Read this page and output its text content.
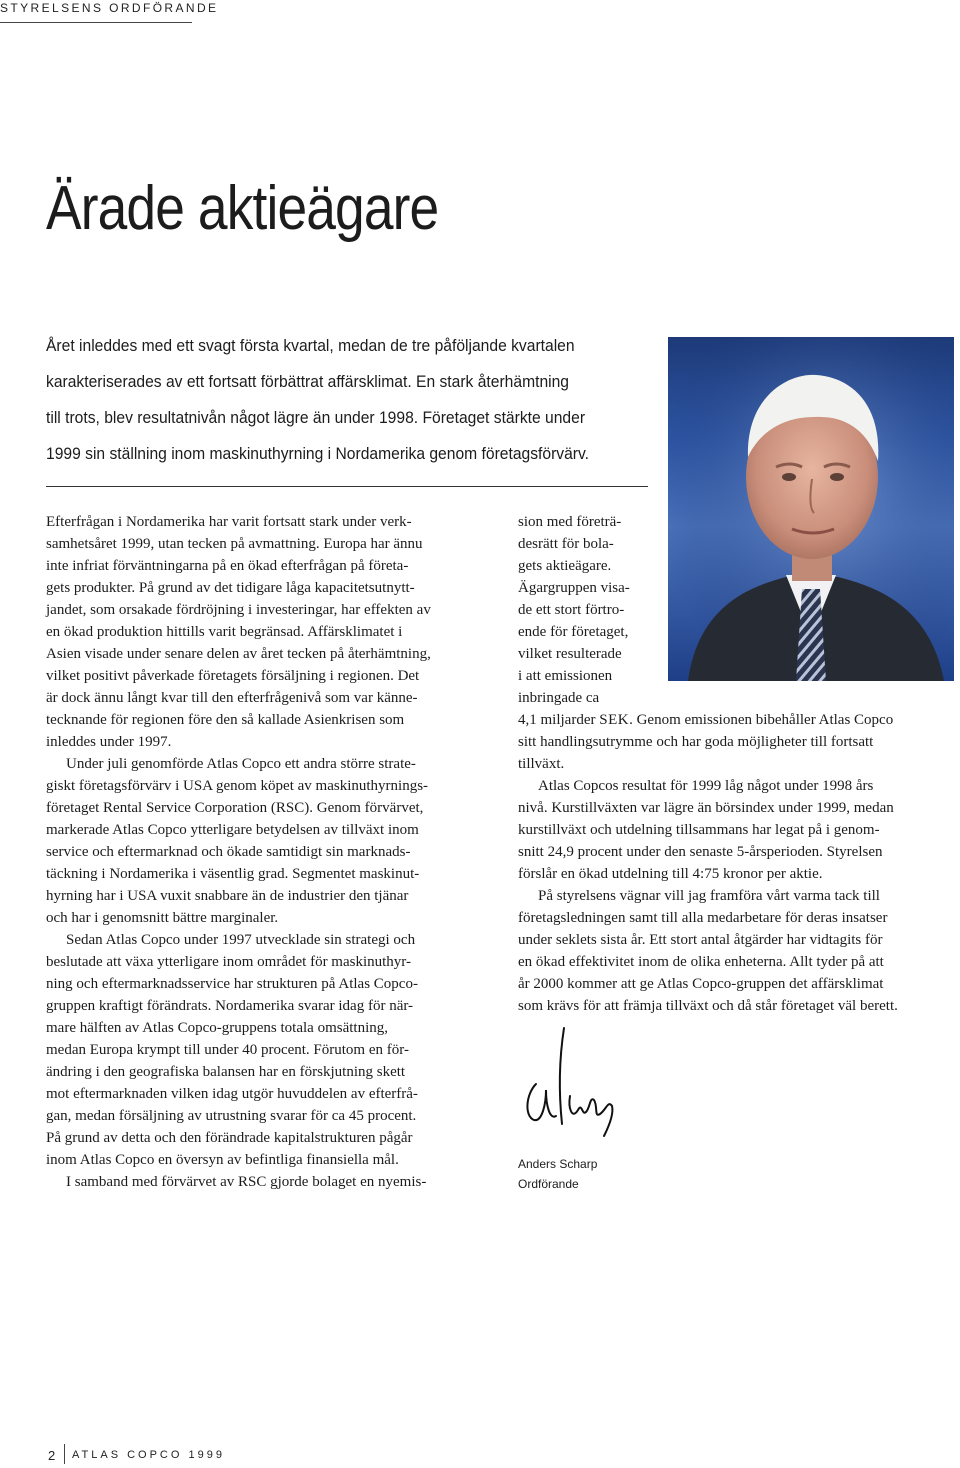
STYRELSENS ORDFÖRANDE
Ärade aktieägare
Året inleddes med ett svagt första kvartal, medan de tre påföljande kvartalen
karakteriserades av ett fortsatt förbättrat affärsklimat. En stark återhämtning
till trots, blev resultatnivån något lägre än under 1998. Företaget stärkte under
1999 sin ställning inom maskinuthyrning i Nordamerika genom företagsförvärv.

Efterfrågan i Nordamerika har varit fortsatt stark under verk-
samhetsåret 1999, utan tecken på avmattning. Europa har ännu
inte infriat förväntningarna på en ökad efterfrågan på företa-
gets produkter. På grund av det tidigare låga kapacitetsutnytt-
jandet, som orsakade fördröjning i investeringar, har effekten av
en ökad produktion hittills varit begränsad. Affärsklimatet i
Asien visade under senare delen av året tecken på återhämtning,
vilket positivt påverkade företagets försäljning i regionen. Det
är dock ännu långt kvar till den efterfrågenivå som var känne-
tecknande för regionen före den så kallade Asienkrisen som
inleddes under 1997.

Under juli genomförde Atlas Copco ett andra större strate-
giskt företagsförvärv i USA genom köpet av maskinuthyrnings-
företaget Rental Service Corporation (RSC). Genom förvärvet,
markerade Atlas Copco ytterligare betydelsen av tillväxt inom
service och eftermarknad och ökade samtidigt sin marknads-
täckning i Nordamerika i väsentlig grad. Segmentet maskinut-
hyrning har i USA vuxit snabbare än de industrier den tjänar
och har i genomsnitt bättre marginaler.

Sedan Atlas Copco under 1997 utvecklade sin strategi och
beslutade att växa ytterligare inom området för maskinuthyr-
ning och eftermarknadsservice har strukturen på Atlas Copco-
gruppen kraftigt förändrats. Nordamerika svarar idag för när-
mare hälften av Atlas Copco-gruppens totala omsättning,
medan Europa krympt till under 40 procent. Förutom en för-
ändring i den geografiska balansen har en förskjutning skett
mot eftermarknaden vilken idag utgör huvuddelen av efterfrå-
gan, medan försäljning av utrustning svarar för ca 45 procent.
På grund av detta och den förändrade kapitalstrukturen pågår
inom Atlas Copco en översyn av befintliga finansiella mål.

I samband med förvärvet av RSC gjorde bolaget en nyemis-

sion med företrä-
desrätt för bola-
gets aktieägare.
Ägargruppen visa-
de ett stort förtro-
ende för företaget,
vilket resulterade
i att emissionen
inbringade ca

4,1 miljarder SEK. Genom emissionen bibehåller Atlas Copco
sitt handlingsutrymme och har goda möjligheter till fortsatt
tillväxt.

Atlas Copcos resultat för 1999 låg något under 1998 års
nivå. Kurstillväxten var lägre än börsindex under 1999, medan
kurstillväxt och utdelning tillsammans har legat på i genom-
snitt 24,9 procent under den senaste 5-årsperioden. Styrelsen
förslår en ökad utdelning till 4:75 kronor per aktie.

På styrelsens vägnar vill jag framföra vårt varma tack till
företagsledningen samt till alla medarbetare för deras insatser
under seklets sista år. Ett stort antal åtgärder har vidtagits för
en ökad effektivitet inom de olika enheterna. Allt tyder på att
år 2000 kommer att ge Atlas Copco-gruppen det affärsklimat
som krävs för att främja tillväxt och då står företaget väl berett.

Anders Scharp
Ordförande
2 ATLAS COPCO 1999
